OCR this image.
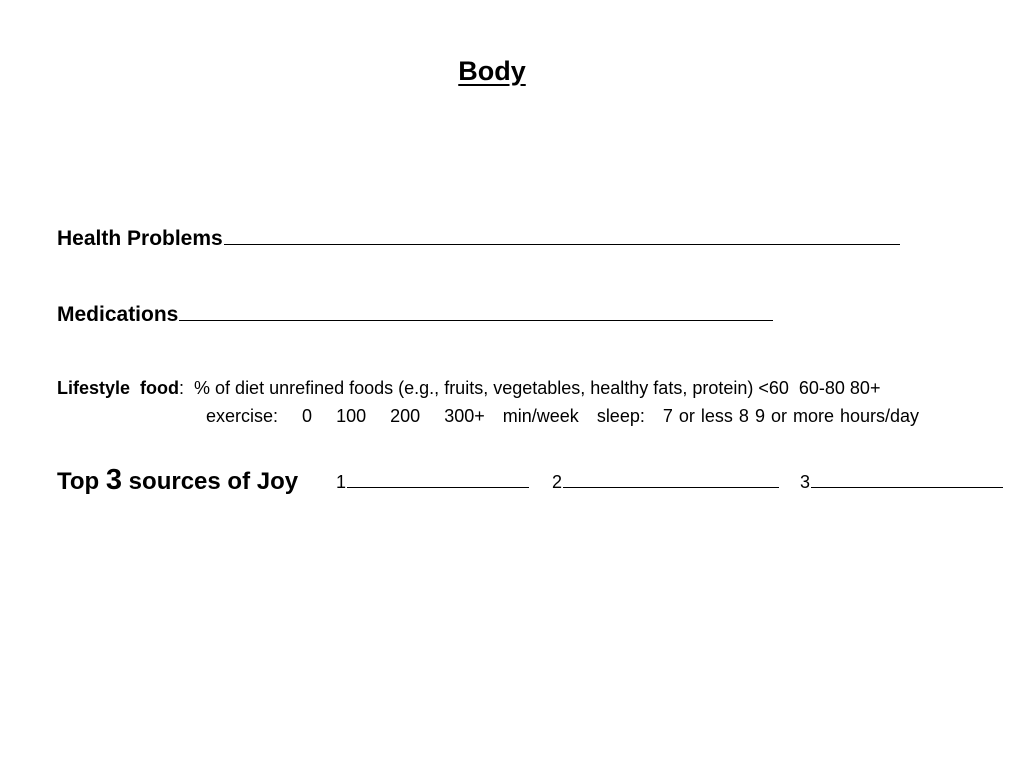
Body
Health Problems
Medications
Lifestyle  food:  % of diet unrefined foods (e.g., fruits, vegetables, healthy fats, protein) <60  60-80 80+
exercise: 0 100 200 300+ min/week sleep: 7 or less 8 9 or more hours/day
Top 3 sources of Joy 1	2	3
